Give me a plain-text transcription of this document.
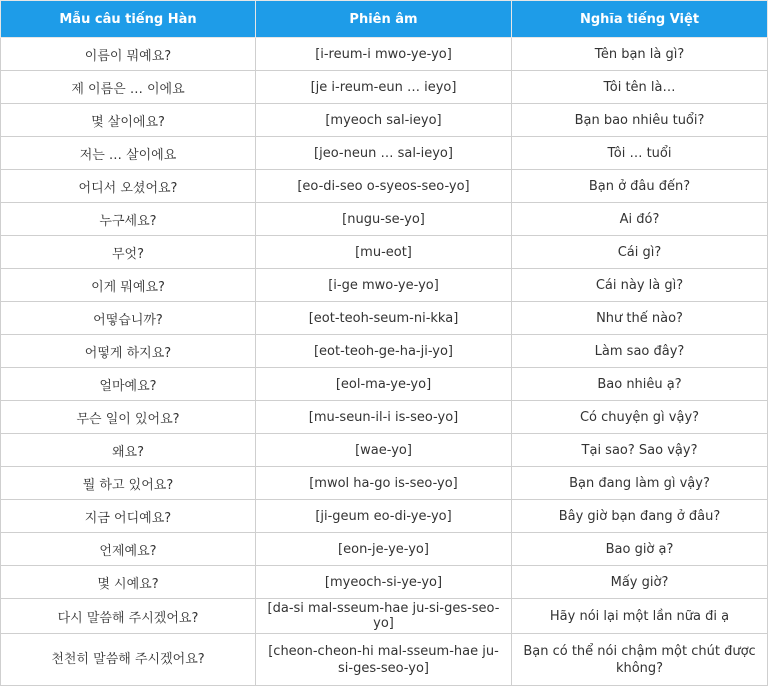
Mẫu câu tiếng Hàn	Phiên âm	Nghĩa tiếng Việt
이름이 뭐예요?	[i-reum-i mwo-ye-yo]	Tên bạn là gì?
제 이름은 … 이에요	[je i-reum-eun … ieyo]	Tôi tên là…
몇 살이에요?	[myeoch sal-ieyo]	Bạn bao nhiêu tuổi?
저는 … 살이에요	[jeo-neun … sal-ieyo]	Tôi … tuổi
어디서 오셨어요?	[eo-di-seo o-syeos-seo-yo]	Bạn ở đâu đến?
누구세요?	[nugu-se-yo]	Ai đó?
무엇?	[mu-eot]	Cái gì?
이게 뭐예요?	[i-ge mwo-ye-yo]	Cái này là gì?
어떻습니까?	[eot-teoh-seum-ni-kka]	Như thế nào?
어떻게 하지요?	[eot-teoh-ge-ha-ji-yo]	Làm sao đây?
얼마예요?	[eol-ma-ye-yo]	Bao nhiêu ạ?
무슨 일이 있어요?	[mu-seun-il-i is-seo-yo]	Có chuyện gì vậy?
왜요?	[wae-yo]	Tại sao? Sao vậy?
뭘 하고 있어요?	[mwol ha-go is-seo-yo]	Bạn đang làm gì vậy?
지금 어디예요?	[ji-geum eo-di-ye-yo]	Bây giờ bạn đang ở đâu?
언제예요?	[eon-je-ye-yo]	Bao giờ ạ?
몇 시예요?	[myeoch-si-ye-yo]	Mấy giờ?
다시 말씀해 주시겠어요?	[da-si mal-sseum-hae ju-si-ges-seo-yo]	Hãy nói lại một lần nữa đi ạ
천천히 말씀해 주시겠어요?	[cheon-cheon-hi mal-sseum-hae ju-si-ges-seo-yo]	Bạn có thể nói chậm một chút được không?
